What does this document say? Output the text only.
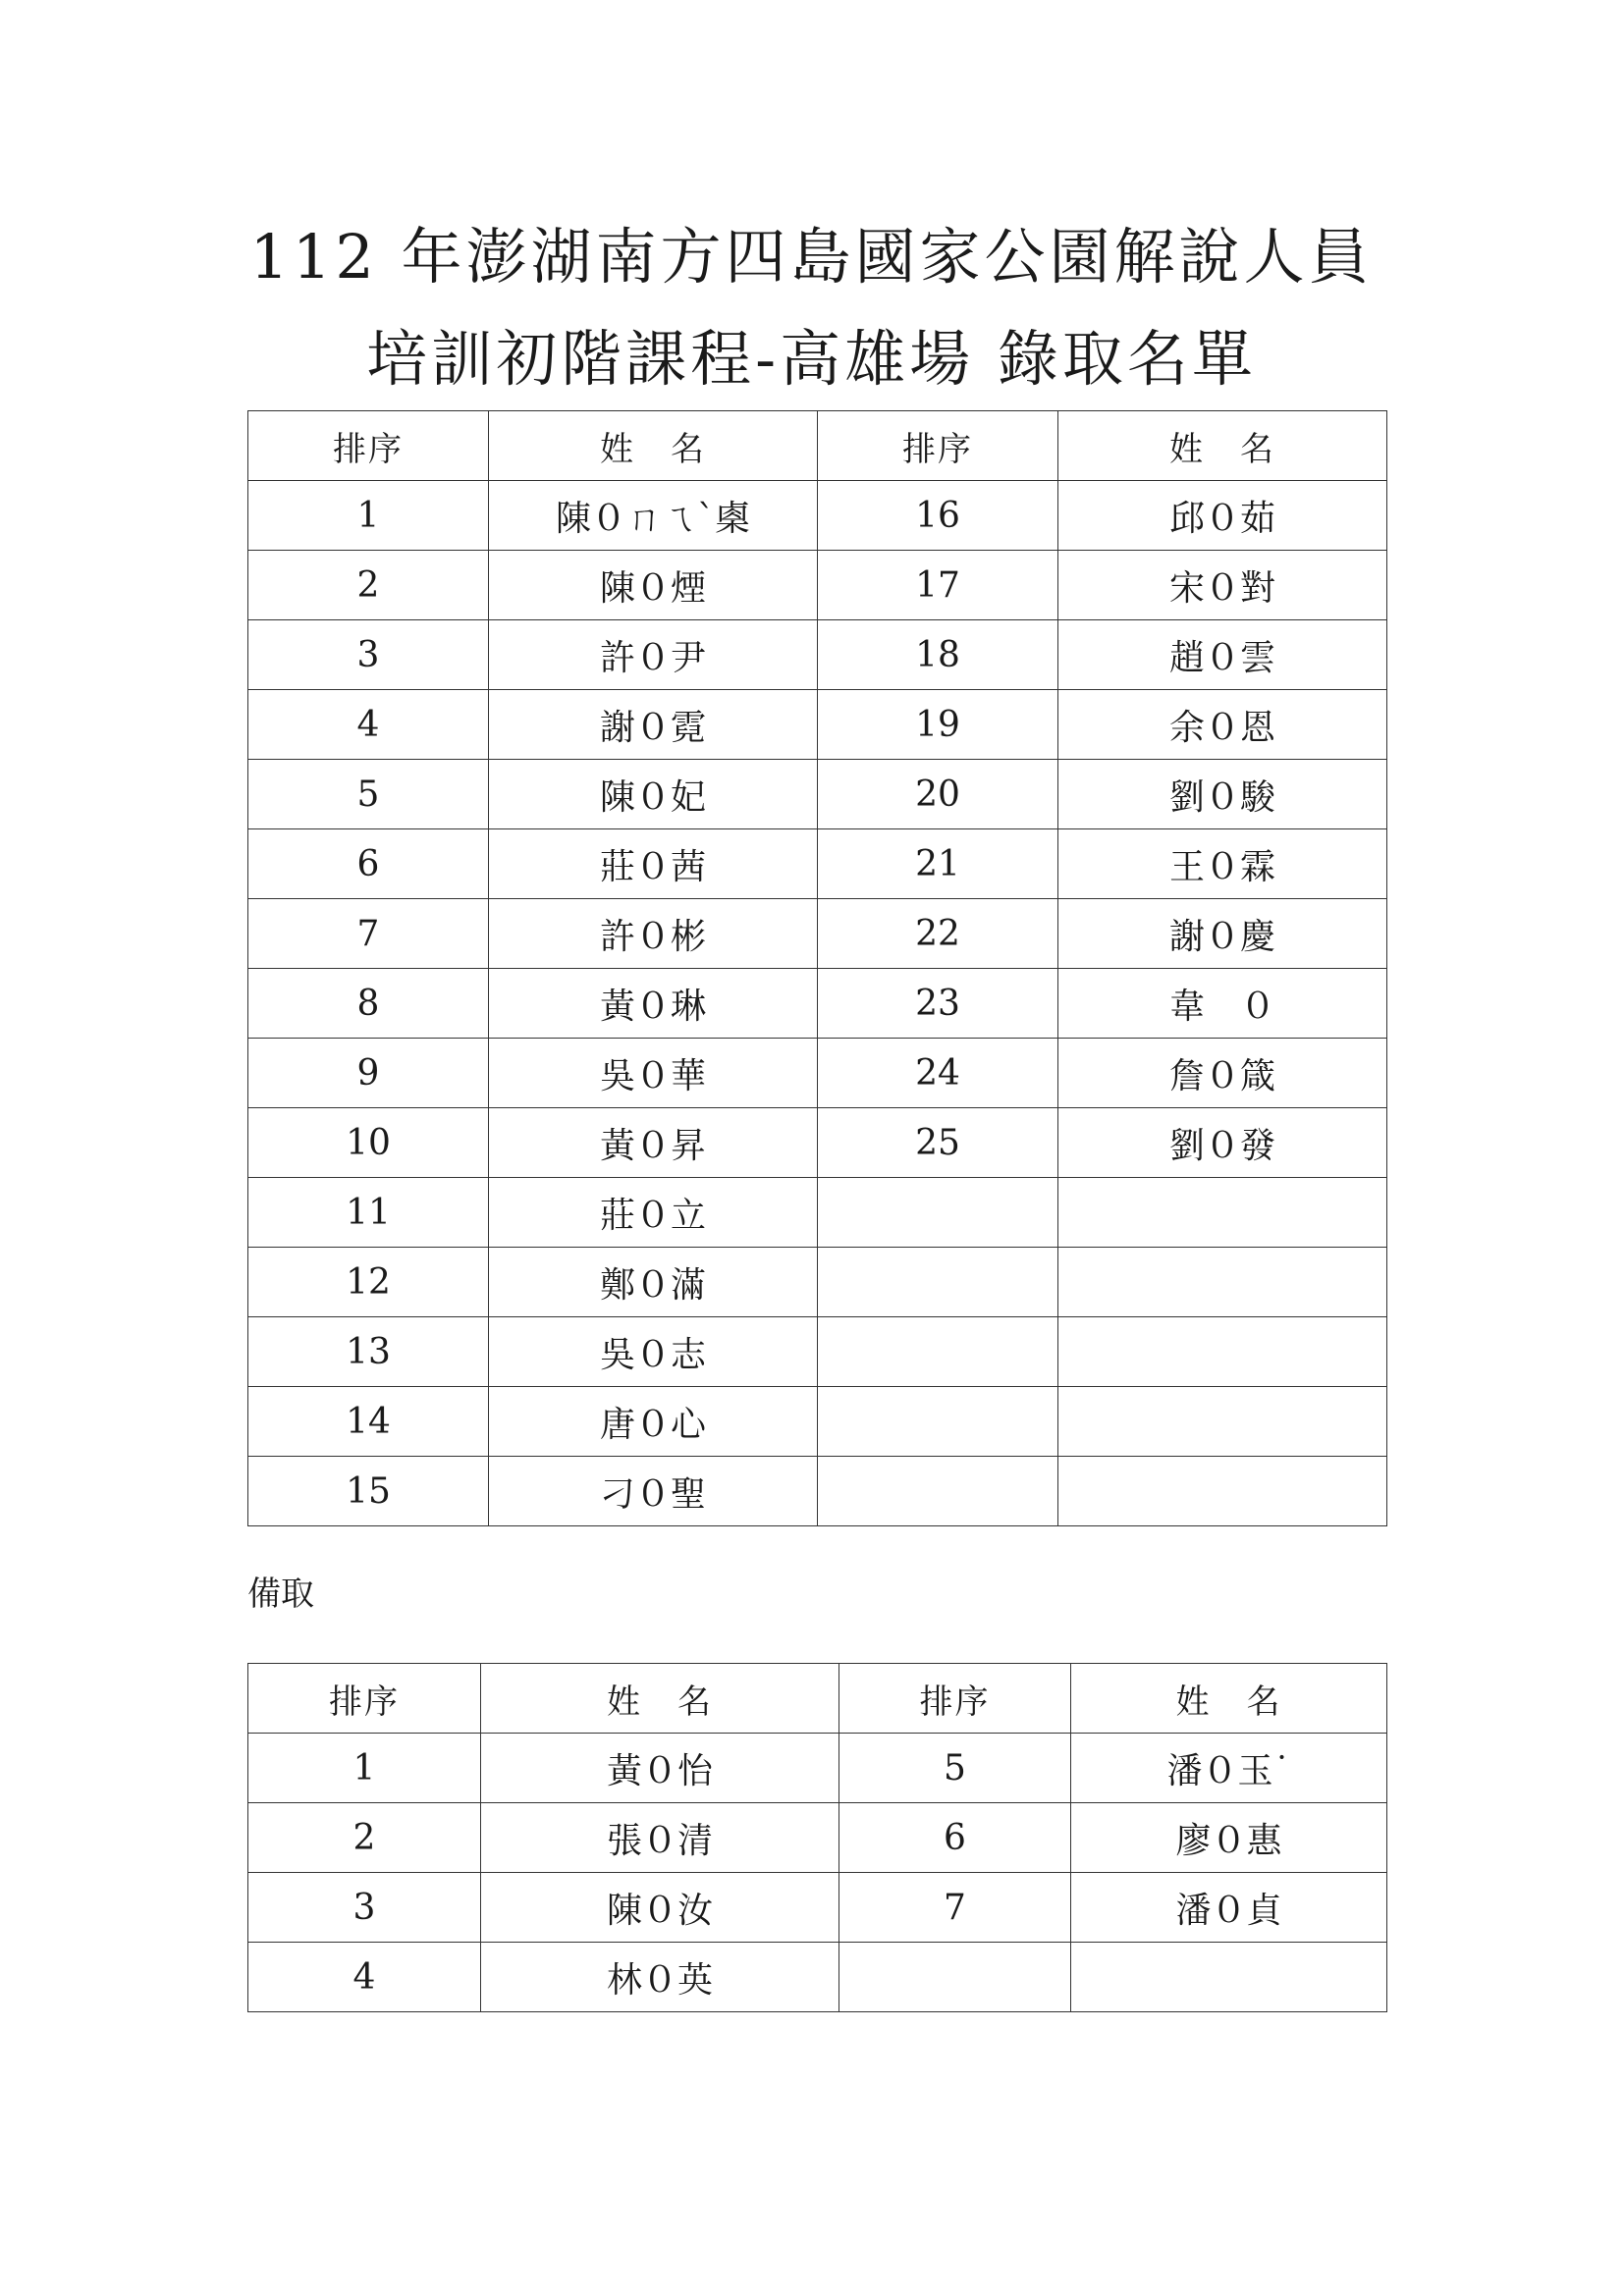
112 年澎湖南方四島國家公園解說人員
培訓初階課程-高雄場 錄取名單
排序	姓　名	排序	姓　名
1	陳０ㄇㄟˋ㮚	16	邱０茹
2	陳０煙	17	宋０對
3	許０尹	18	趙０雲
4	謝０霓	19	余０恩
5	陳０妃	20	劉０駿
6	莊０茜	21	王０霖
7	許０彬	22	謝０慶
8	黃０琳	23	韋　０
9	吳０華	24	詹０箴
10	黃０昇	25	劉０發
11	莊０立		
12	鄭０滿		
13	吳０志		
14	唐０心		
15	刁０聖		
備取
排序	姓　名	排序	姓　名
1	黃０怡	5	潘０玉˙
2	張０清	6	廖０惠
3	陳０汝	7	潘０貞
4	林０英		
